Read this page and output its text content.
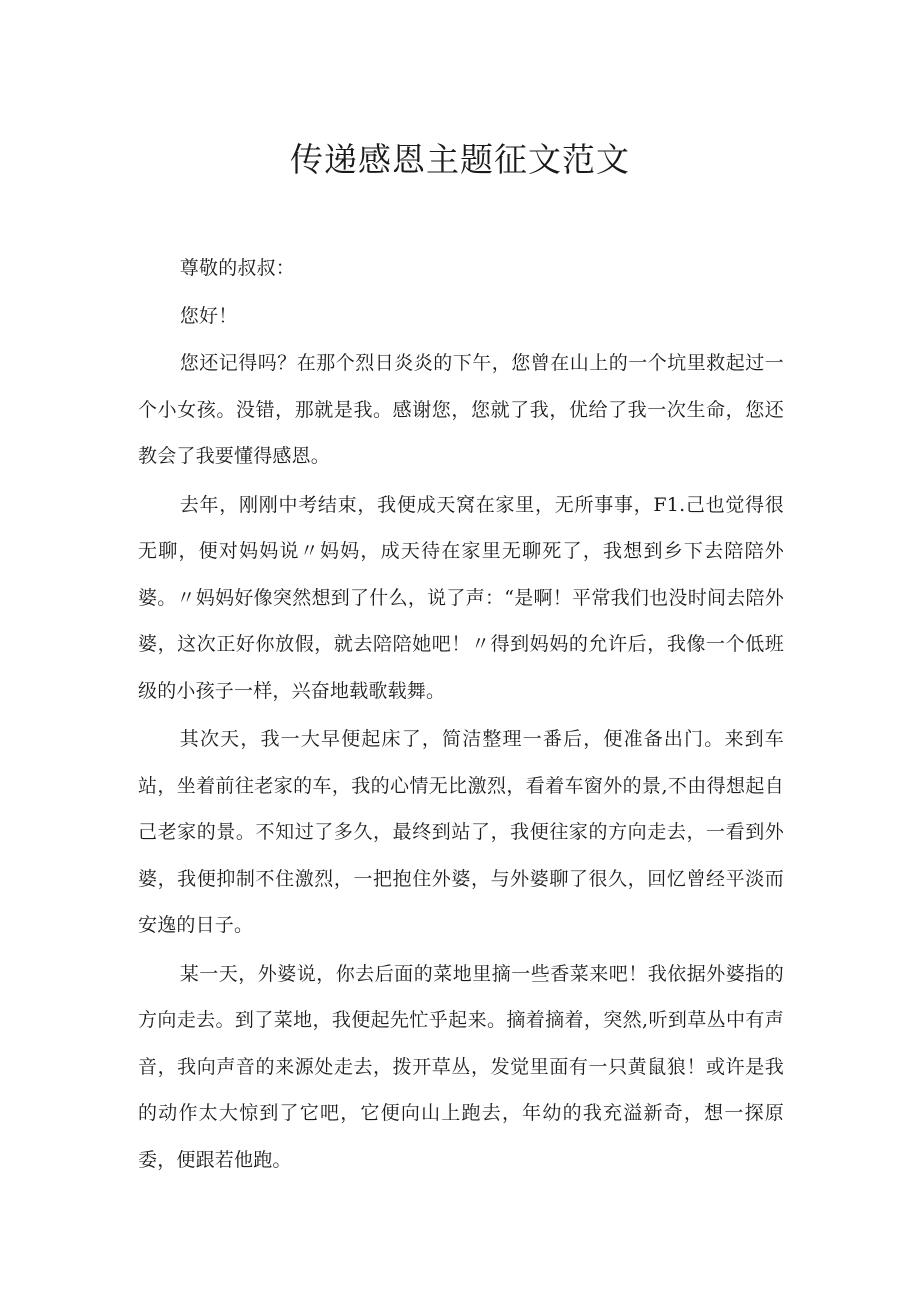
传递感恩主题征文范文

尊敬的叔叔：

您好！

您还记得吗？在那个烈日炎炎的下午，您曾在山上的一个坑里救起过一个小女孩。没错，那就是我。感谢您，您就了我，优给了我一次生命，您还教会了我要懂得感恩。

去年，刚刚中考结束，我便成天窝在家里，无所事事，F1.己也觉得很无聊，便对妈妈说〃妈妈，成天待在家里无聊死了，我想到乡下去陪陪外婆。〃妈妈好像突然想到了什么，说了声：“是啊！平常我们也没时间去陪外婆，这次正好你放假，就去陪陪她吧！〃得到妈妈的允许后，我像一个低班级的小孩子一样，兴奋地载歌载舞。

其次天，我一大早便起床了，简洁整理一番后，便准备出门。来到车站，坐着前往老家的车，我的心情无比激烈，看着车窗外的景,不由得想起自己老家的景。不知过了多久，最终到站了，我便往家的方向走去，一看到外婆，我便抑制不住激烈，一把抱住外婆，与外婆聊了很久，回忆曾经平淡而安逸的日子。

某一天，外婆说，你去后面的菜地里摘一些香菜来吧！我依据外婆指的方向走去。到了菜地，我便起先忙乎起来。摘着摘着，突然,听到草丛中有声音，我向声音的来源处走去，拨开草丛，发觉里面有一只黄鼠狼！或许是我的动作太大惊到了它吧，它便向山上跑去，年幼的我充溢新奇，想一探原委，便跟若他跑。
